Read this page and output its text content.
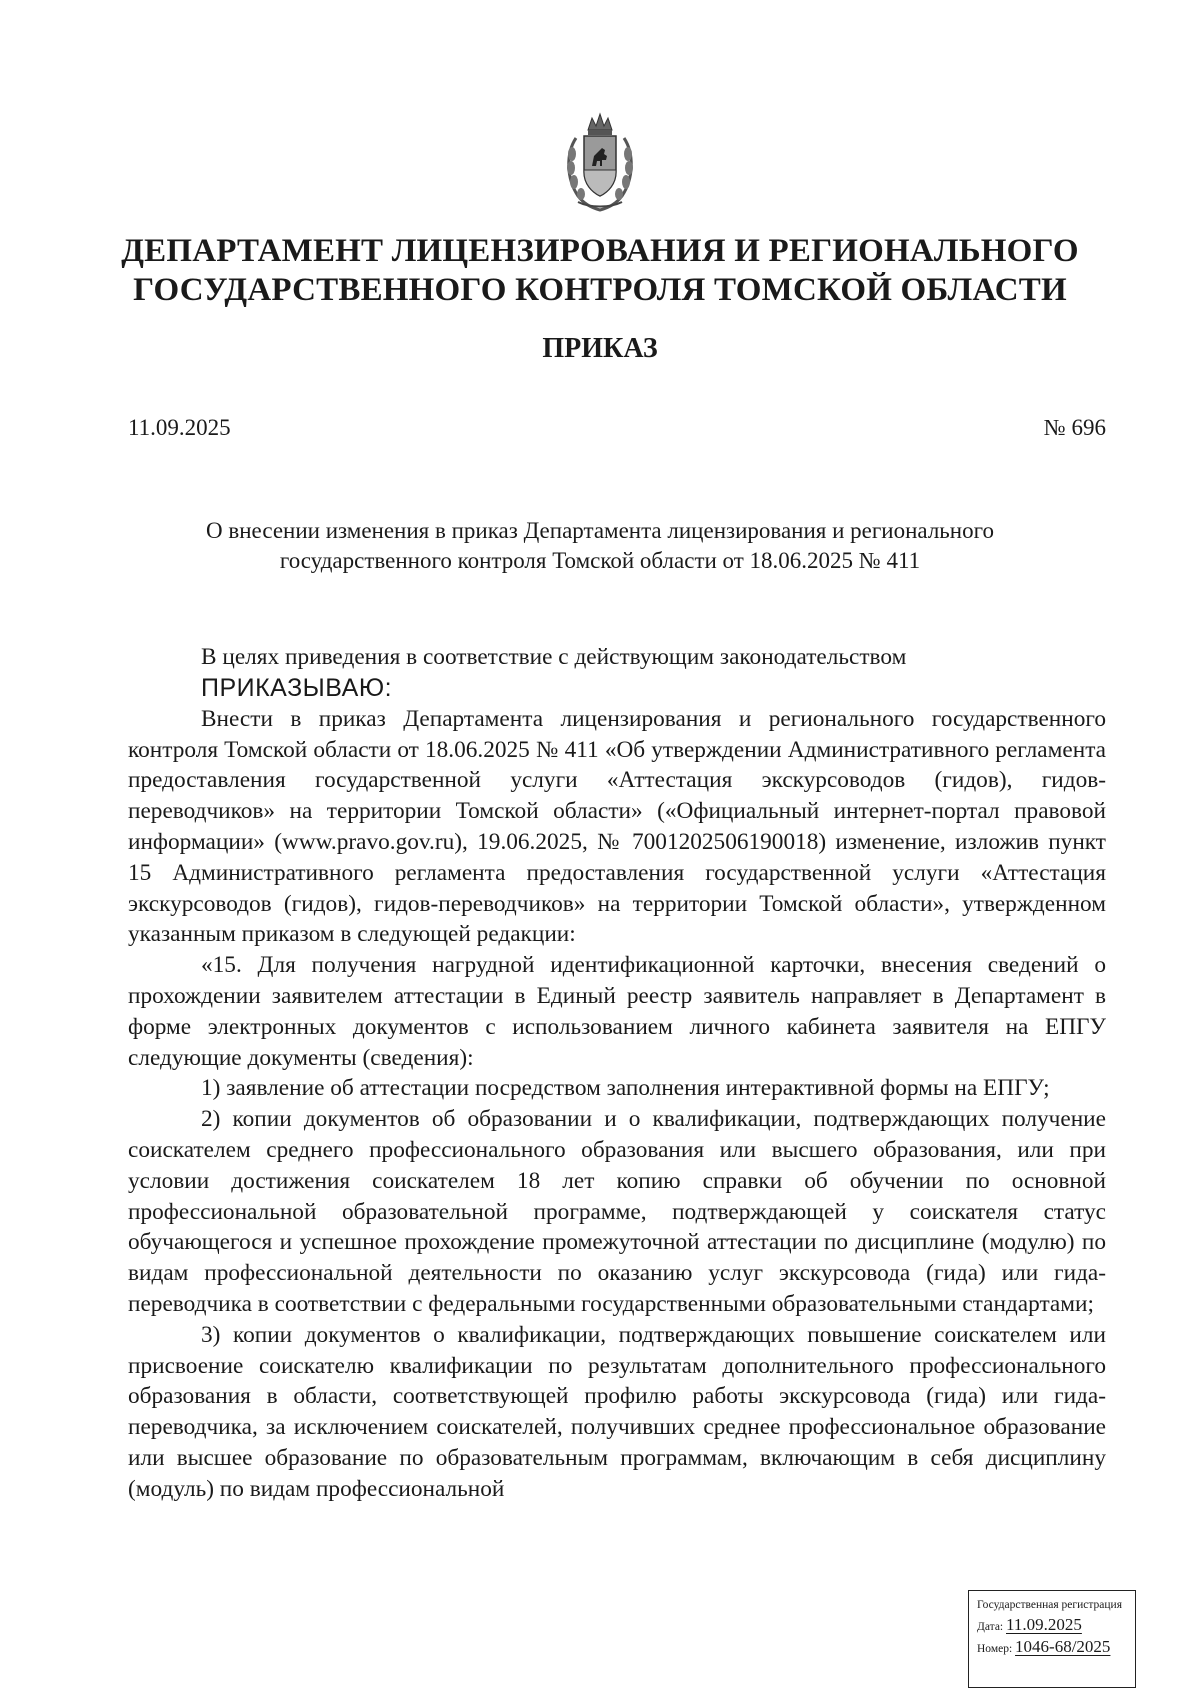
ДЕПАРТАМЕНТ ЛИЦЕНЗИРОВАНИЯ И РЕГИОНАЛЬНОГО
ГОСУДАРСТВЕННОГО КОНТРОЛЯ ТОМСКОЙ ОБЛАСТИ
ПРИКАЗ
11.09.2025	№ 696
О внесении изменения в приказ Департамента лицензирования и регионального государственного контроля Томской области от 18.06.2025 № 411

В целях приведения в соответствие с действующим законодательством

ПРИКАЗЫВАЮ:

Внести в приказ Департамента лицензирования и регионального государственного контроля Томской области от 18.06.2025 № 411 «Об утверждении Административного регламента предоставления государственной услуги «Аттестация экскурсоводов (гидов), гидов-переводчиков» на территории Томской области» («Официальный интернет-портал правовой информации» (www.pravo.gov.ru), 19.06.2025, № 7001202506190018) изменение, изложив пункт 15 Административного регламента предоставления государственной услуги «Аттестация экскурсоводов (гидов), гидов-переводчиков» на территории Томской области», утвержденном указанным приказом в следующей редакции:

«15. Для получения нагрудной идентификационной карточки, внесения сведений о прохождении заявителем аттестации в Единый реестр заявитель направляет в Департамент в форме электронных документов с использованием личного кабинета заявителя на ЕПГУ следующие документы (сведения):

1) заявление об аттестации посредством заполнения интерактивной формы на ЕПГУ;

2) копии документов об образовании и о квалификации, подтверждающих получение соискателем среднего профессионального образования или высшего образования, или при условии достижения соискателем 18 лет копию справки об обучении по основной профессиональной образовательной программе, подтверждающей у соискателя статус обучающегося и успешное прохождение промежуточной аттестации по дисциплине (модулю) по видам профессиональной деятельности по оказанию услуг экскурсовода (гида) или гида-переводчика в соответствии с федеральными государственными образовательными стандартами;

3) копии документов о квалификации, подтверждающих повышение соискателем или присвоение соискателю квалификации по результатам дополнительного профессионального образования в области, соответствующей профилю работы экскурсовода (гида) или гида-переводчика, за исключением соискателей, получивших среднее профессиональное образование или высшее образование по образовательным программам, включающим в себя дисциплину (модуль) по видам профессиональной

Государственная регистрация
Дата: 11.09.2025
Номер: 1046-68/2025
